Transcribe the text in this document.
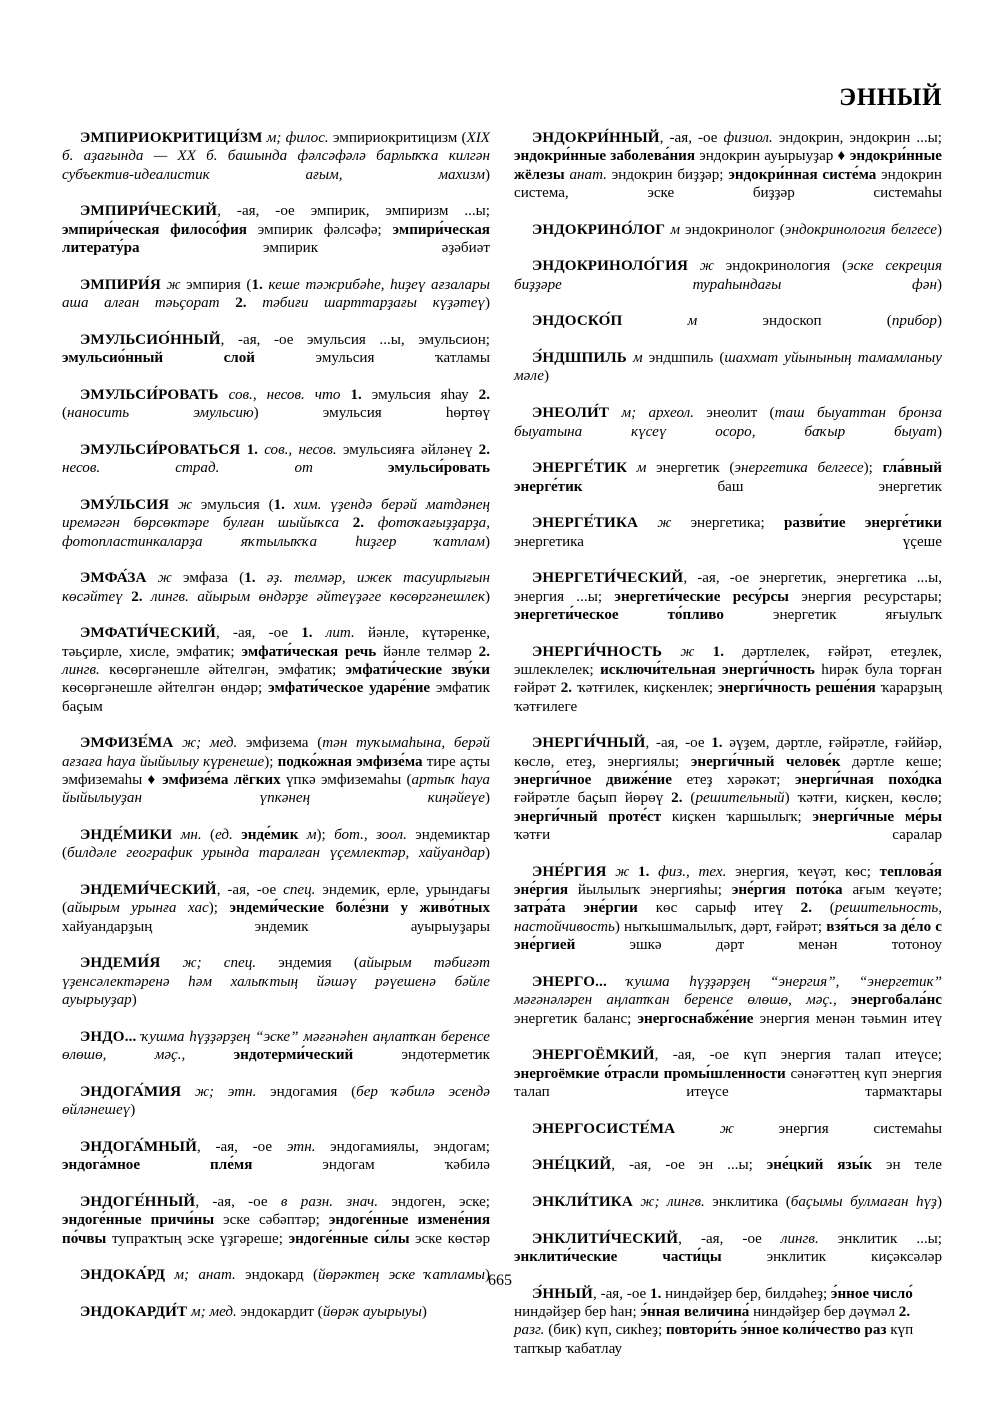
ЭННЫЙ

ЭМПИРИОКРИТИЦИ́ЗМ м; филос. эмпириокритицизм (XIX б. аҙағында — XX б. башында фәлсәфәлә барлыҡҡа килгән субъектив-идеалистик ағым, махизм)

ЭМПИРИ́ЧЕСКИЙ, -ая, -ое эмпирик, эмпиризм ...ы; эмпири́ческая филосо́фия эмпирик фәлсәфә; эмпири́ческая литерату́ра эмпирик әҙәбиәт

ЭМПИРИ́Я ж эмпирия (1. кеше тәжрибәһе, һиҙеү ағзалары аша алған тәьҫорат 2. тәбиғи шарттарҙағы күҙәтеү)

ЭМУЛЬСИО́ННЫЙ, -ая, -ое эмульсия ...ы, эмульсион; эмульсио́нный слой эмульсия ҡатламы

ЭМУЛЬСИ́РОВАТЬ сов., несов. что 1. эмульсия яһау 2. (наносить эмульсию) эмульсия һөртөү

ЭМУЛЬСИ́РОВАТЬСЯ 1. сов., несов. эмульсияға әйләнеү 2. несов. страд. от	эмульси́ровать

ЭМУ́ЛЬСИЯ ж эмульсия (1. хим. үҙендә берәй матдәнең иремәгән бөрсөктәре булған шыйыҡса 2. фотоҡағыҙҙарҙа, фотопластинкаларҙа яҡтылыҡҡа һиҙгер ҡатлам)

ЭМФА́ЗА ж эмфаза (1. әҙ. телмәр, ижек тасуирлығын көсәйтеү 2. лингв. айырым өндәрҙе әйтеүҙәге көсөргәнешлек)

ЭМФАТИ́ЧЕСКИЙ, -ая, -ое 1. лит. йәнле, күтәренке, тәьҫирле, хисле, эмфатик; эмфати́ческая речь йәнле телмәр 2. лингв. көсөргәнешле әйтелгән, эмфатик; эмфати́ческие зву́ки көсөргәнешле әйтелгән өндәр; эмфати́ческое ударе́ние эмфатик баҫым

ЭМФИЗЕ́МА ж; мед. эмфизема (тән туҡымаһына, берәй ағзаға һауа йыйылыу күренеше); подко́жная эмфизе́ма тире аҫты эмфиземаһы ♦ эмфизе́ма лёгких үпкә эмфиземаһы (артыҡ һауа йыйылыуҙан үпкәнең киңәйеүе)

ЭНДЕ́МИКИ мн. (ед. энде́мик м); бот., зоол. эндемиктар (билдәле географик урында таралған үҫемлектәр, хайуандар)

ЭНДЕМИ́ЧЕСКИЙ, -ая, -ое спец. эндемик, ерле, урындағы (айырым урынға хас); эндеми́ческие боле́зни у живо́тных хайуандарҙың эндемик ауырыуҙары

ЭНДЕМИ́Я ж; спец. эндемия (айырым тәбиғәт үҙенсәлектәренә һәм халыҡтың йәшәү рәүешенә бәйле ауырыуҙар)

ЭНДО... ҡушма һүҙҙәрҙең “эске” мәғәнәһен аңлатҡан беренсе өлөшө, мәҫ.,	эндотерми́ческий эндотерметик

ЭНДОГА́МИЯ ж; этн. эндогамия (бер ҡәбилә эсендә өйләнешеү)

ЭНДОГА́МНЫЙ, -ая, -ое этн. эндогамиялы, эндогам; эндога́мное пле́мя эндогам ҡәбилә

ЭНДОГЕ́ННЫЙ, -ая, -ое в разн. знач. эндоген, эске; эндоге́нные причи́ны эске сәбәптәр; эндоге́нные измене́ния по́чвы тупраҡтың эске үҙгәреше; эндоге́нные си́лы эске көстәр

ЭНДОКА́РД м; анат. эндокард (йөрәктең эске ҡатламы)

ЭНДОКАРДИ́Т м; мед. эндокардит (йөрәк ауырыуы)

ЭНДОКРИ́ННЫЙ, -ая, -ое физиол. эндокрин, эндокрин ...ы; эндокри́нные заболева́ния эндокрин ауырыуҙар ♦ эндокри́нные жёлезы анат. эндокрин биҙҙәр; эндокри́нная систе́ма эндокрин система, эске биҙҙәр системаһы

ЭНДОКРИНО́ЛОГ м эндокринолог (эндокринология белгесе)

ЭНДОКРИНОЛО́ГИЯ ж эндокринология (эске секреция биҙҙәре тураһындағы фән)

ЭНДОСКО́П	м эндоскоп (прибор)

Э́НДШПИЛЬ м эндшпиль (шахмат уйынының тамамланыу мәле)

ЭНЕОЛИ́Т м; археол. энеолит (таш быуаттан бронза быуатына күсеү осоро, баҡыр быуат)

ЭНЕРГЕ́ТИК м энергетик (энергетика белгесе); гла́вный энерге́тик баш энергетик

ЭНЕРГЕ́ТИКА ж энергетика; разви́тие энерге́тики энергетика үҫеше

ЭНЕРГЕТИ́ЧЕСКИЙ, -ая, -ое энергетик, энергетика ...ы, энергия ...ы; энергети́ческие ресу́рсы энергия ресурстары; энергети́ческое то́пливо энергетик яғыулыҡ

ЭНЕРГИ́ЧНОСТЬ ж 1. дәртлелек, ғәйрәт, етеҙлек, эшлеклелек; исключи́тельная энерги́чность һирәк була торған ғәйрәт 2. ҡәтғилек, киҫкенлек; энерги́чность реше́ния ҡарарҙың ҡәтғилеге

ЭНЕРГИ́ЧНЫЙ, -ая, -ое 1. әүҙем, дәртле, ғәйрәтле, ғәййәр, көслө, етеҙ, энергиялы; энерги́чный челове́к дәртле кеше; энерги́чное движе́ние етеҙ хәрәкәт; энерги́чная похо́дка ғәйрәтле баҫып йөрөү 2. (решительный) ҡәтғи, киҫкен, көслө; энерги́чный проте́ст киҫкен ҡаршылыҡ; энерги́чные ме́ры ҡәтғи саралар

ЭНЕ́РГИЯ ж 1. физ., тех. энергия, ҡеүәт, көс; теплова́я эне́ргия йылылыҡ энергияһы; эне́ргия пото́ка ағым ҡеүәте; затра́та эне́ргии көс сарыф итеү 2. (решительность, настойчивость) ныҡышмалылыҡ, дәрт, ғәйрәт; взя́ться за де́ло с эне́ргией эшкә дәрт менән тотоноу

ЭНЕРГО... ҡушма һүҙҙәрҙең “энергия”, “энергетик” мәғәнәләрен аңлатҡан беренсе өлөшө, мәҫ., энергобала́нс энергетик баланс; энергоснабже́ние энергия менән тәьмин итеү

ЭНЕРГОЁМКИЙ, -ая, -ое күп энергия талап итеүсе; энергоёмкие о́трасли промы́шленности сәнәғәттең күп энергия талап итеүсе тармаҡтары

ЭНЕРГОСИСТЕ́МА	ж энергия системаһы

ЭНЕ́ЦКИЙ, -ая, -ое эн ...ы; эне́цкий язы́к эн теле

ЭНКЛИ́ТИКА ж; лингв. энклитика (баҫымы булмаған һүҙ)

ЭНКЛИТИ́ЧЕСКИЙ, -ая, -ое лингв. энклитик ...ы; энклити́ческие части́цы энклитик киҫәксәләр

Э́ННЫЙ, -ая, -ое 1. ниндәйҙер бер, билдәһеҙ; э́нное число́ ниндәйҙер бер һан; э́нная величина́ ниндәйҙер бер дәүмәл 2. разг. (бик) күп, сикһеҙ; повтори́ть э́нное коли́чество раз күп тапҡыр ҡабатлау

665
